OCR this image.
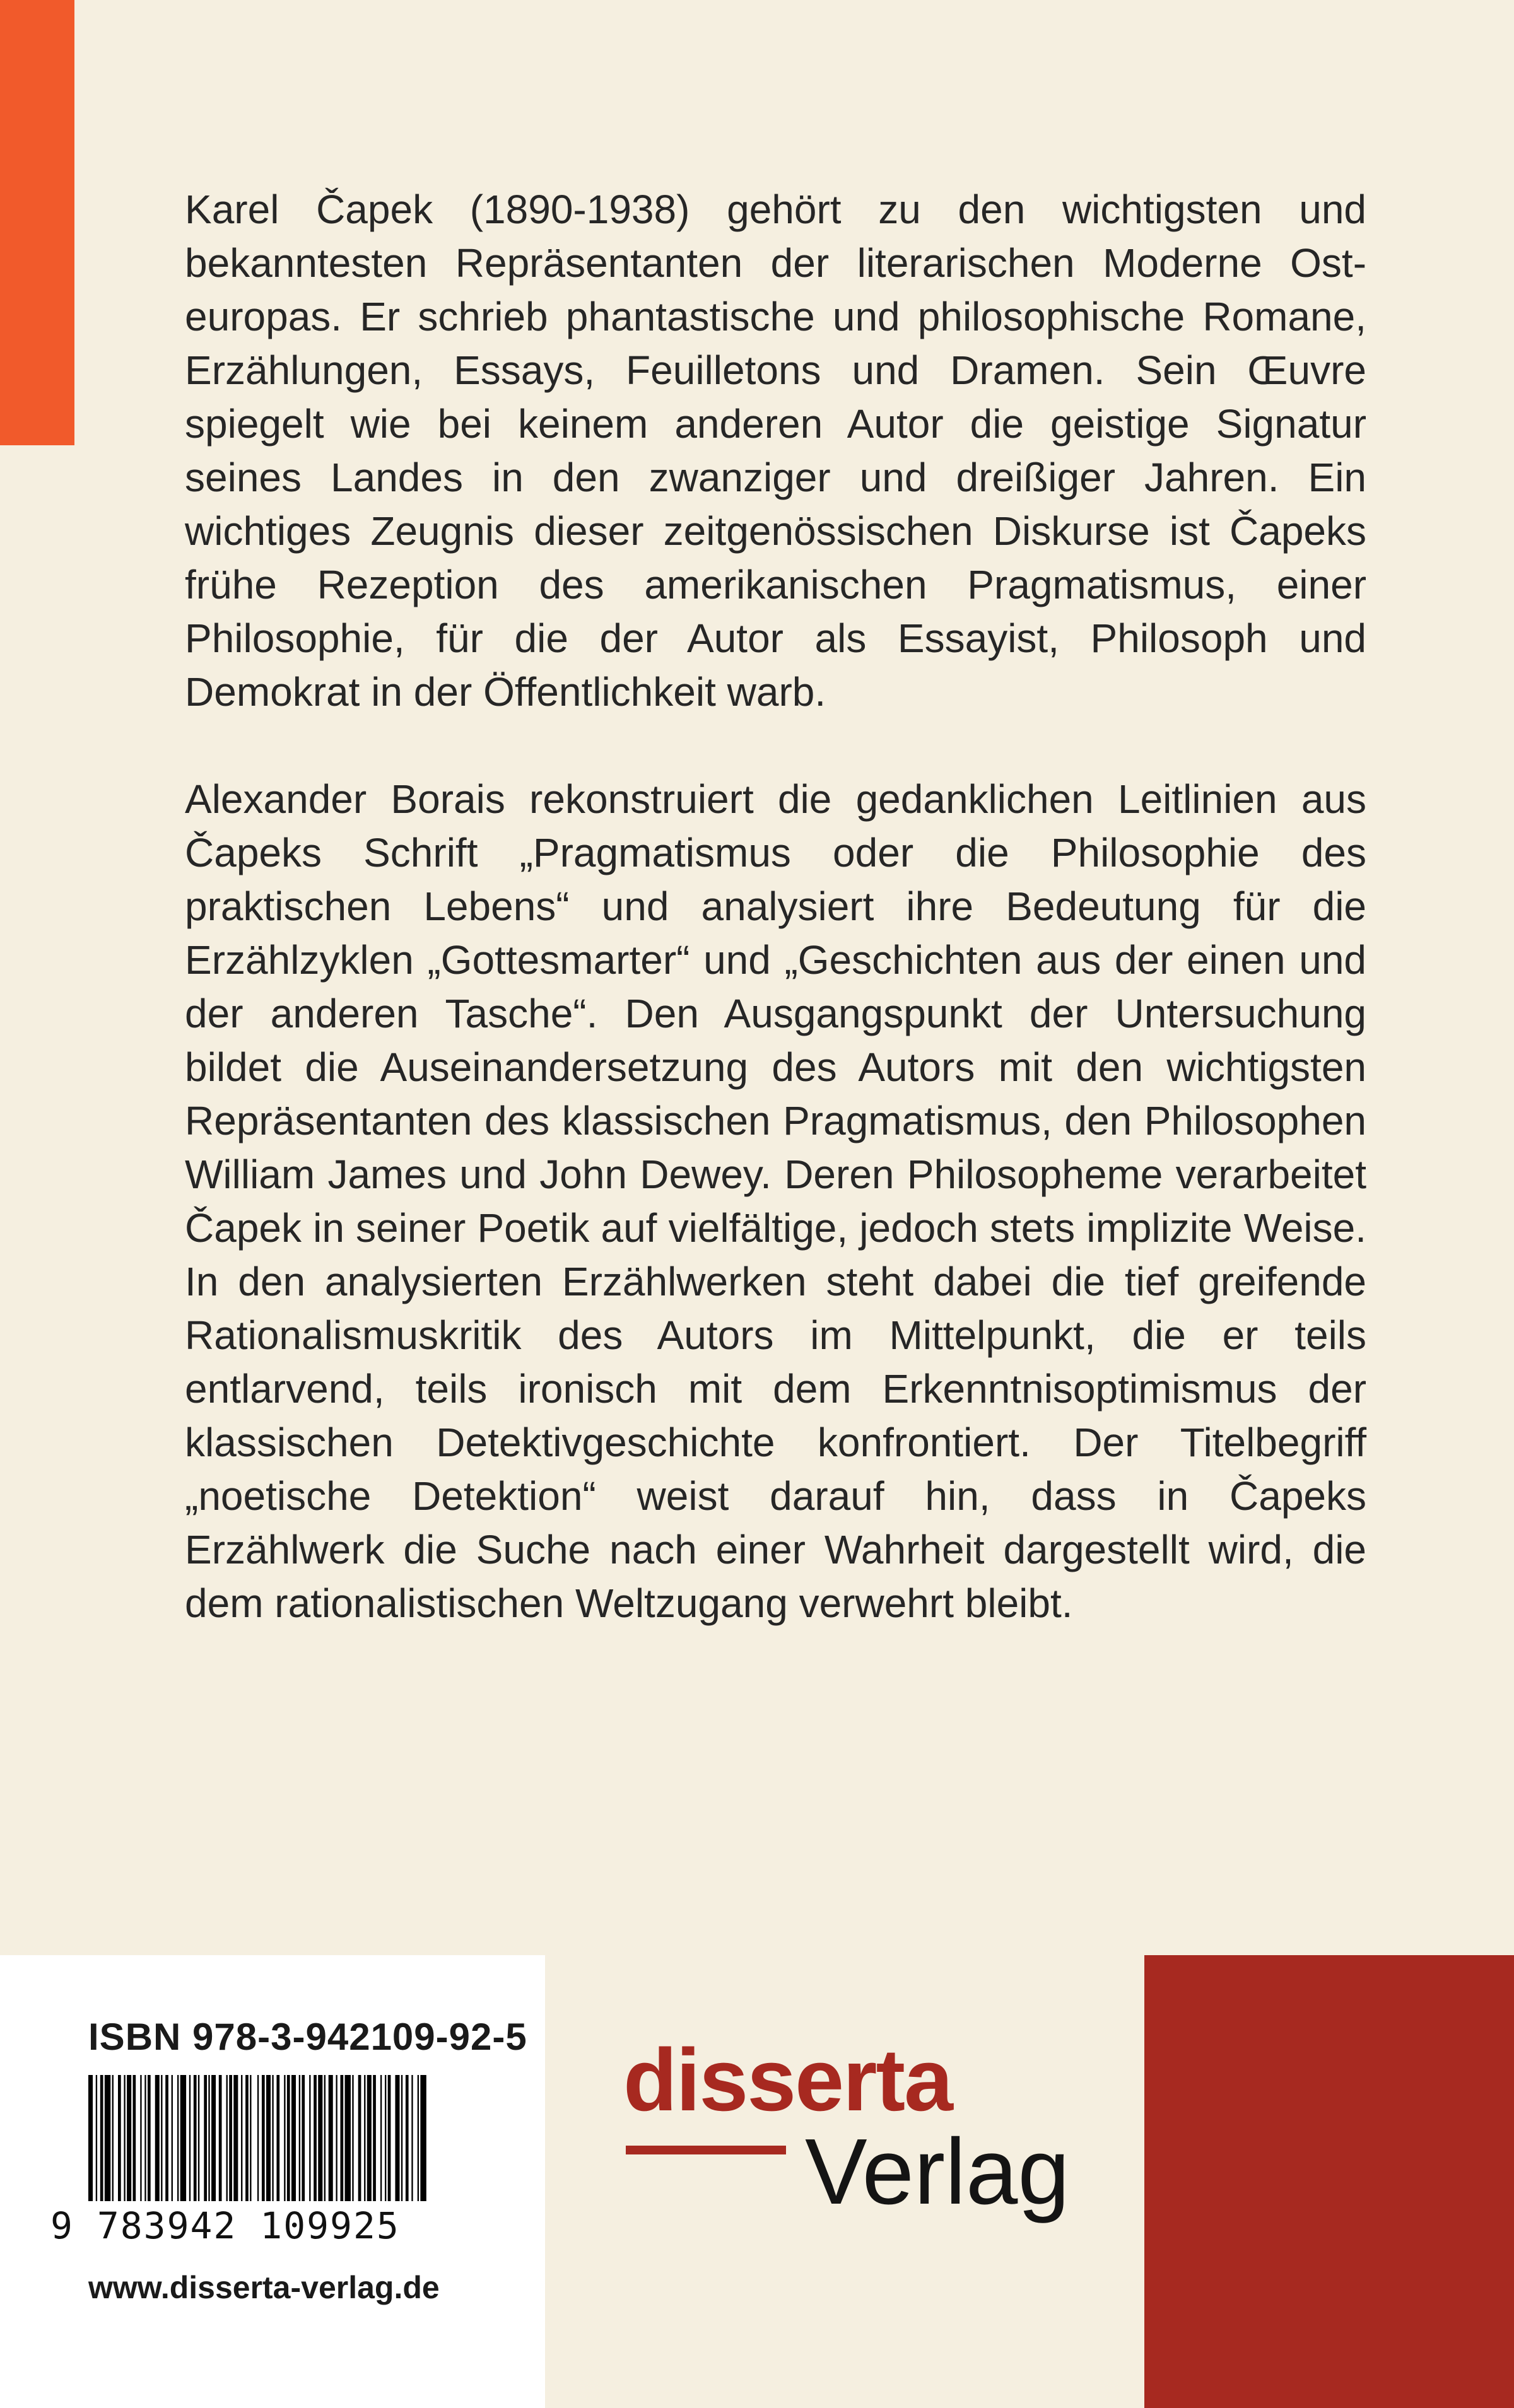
Karel Čapek (1890-1938) gehört zu den wichtigsten und bekanntesten Repräsentanten der literarischen Moderne Osteuropas. Er schrieb phantastische und philosophische Romane, Erzählungen, Essays, Feuilletons und Dramen. Sein Œuvre spiegelt wie bei keinem anderen Autor die geistige Signatur seines Landes in den zwanziger und dreißiger Jahren. Ein wichtiges Zeugnis dieser zeitgenössischen Diskurse ist Čapeks frühe Rezeption des amerikanischen Pragmatismus, einer Philosophie, für die der Autor als Essayist, Philosoph und Demokrat in der Öffentlichkeit warb.

Alexander Borais rekonstruiert die gedanklichen Leitlinien aus Čapeks Schrift „Pragmatismus oder die Philosophie des praktischen Lebens“ und analysiert ihre Bedeutung für die Erzählzyklen „Gottesmarter“ und „Geschichten aus der einen und der anderen Tasche“. Den Ausgangspunkt der Untersuchung bildet die Auseinandersetzung des Autors mit den wichtigsten Repräsentanten des klassischen Pragmatismus, den Philosophen William James und John Dewey. Deren Philosopheme verarbeitet Čapek in seiner Poetik auf vielfältige, jedoch stets implizite Weise. In den analysierten Erzählwerken steht dabei die tief greifende Rationalismuskritik des Autors im Mittelpunkt, die er teils entlarvend, teils ironisch mit dem Erkenntnisoptimismus der klassischen Detektivgeschichte konfrontiert. Der Titelbegriff „noetische Detektion“ weist darauf hin, dass in Čapeks Erzählwerk die Suche nach einer Wahrheit dargestellt wird, die dem rationalistischen Weltzugang verwehrt bleibt.

ISBN 978-3-942109-92-5
9 783942 109925
www.disserta-verlag.de
disserta
Verlag
